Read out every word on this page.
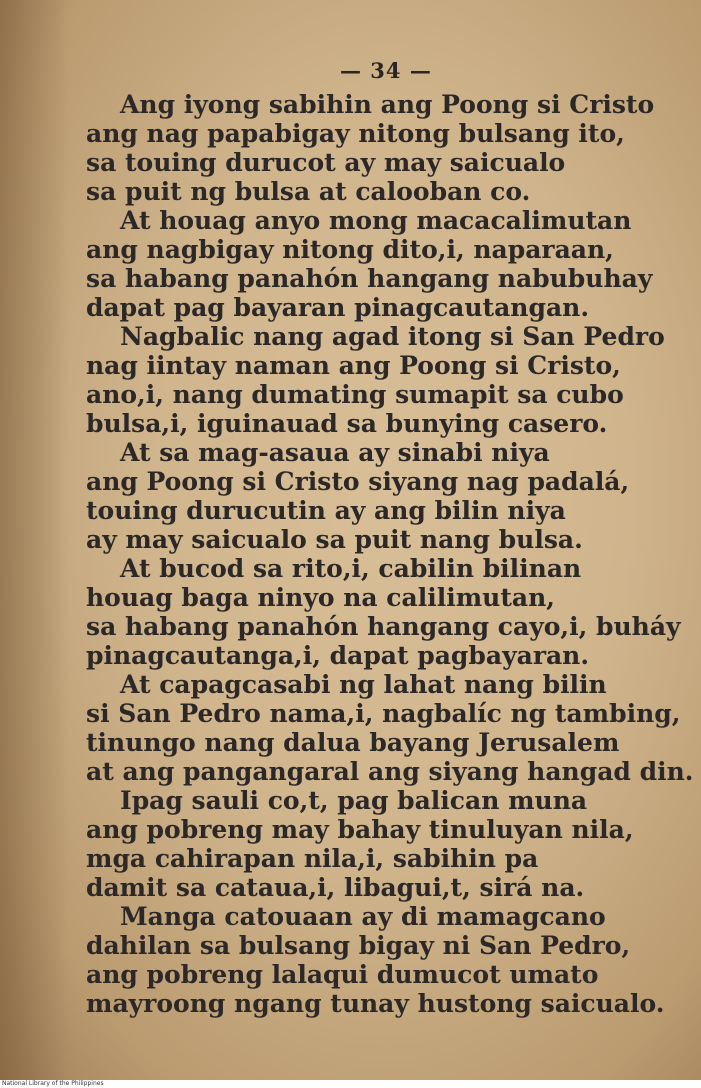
— 34 —
Ang iyong sabihin ang Poong si Cristo
ang nag papabigay nitong bulsang ito,
sa touing durucot ay may saicualo
sa puit ng bulsa at calooban co.
At houag anyo mong macacalimutan
ang nagbigay nitong dito,i, naparaan,
sa habang panahón hangang nabubuhay
dapat pag bayaran pinagcautangan.
Nagbalic nang agad itong si San Pedro
nag iintay naman ang Poong si Cristo,
ano,i, nang dumating sumapit sa cubo
bulsa,i, iguinauad sa bunying casero.
At sa mag-asaua ay sinabi niya
ang Poong si Cristo siyang nag padalá,
touing durucutin ay ang bilin niya
ay may saicualo sa puit nang bulsa.
At bucod sa rito,i, cabilin bilinan
houag baga ninyo na calilimutan,
sa habang panahón hangang cayo,i, buháy
pinagcautanga,i, dapat pagbayaran.
At capagcasabi ng lahat nang bilin
si San Pedro nama,i, nagbalíc ng tambing,
tinungo nang dalua bayang Jerusalem
at ang pangangaral ang siyang hangad din.
Ipag sauli co,t, pag balican muna
ang pobreng may bahay tinuluyan nila,
mga cahirapan nila,i, sabihin pa
damit sa cataua,i, libagui,t, sirá na.
Manga catouaan ay di mamagcano
dahilan sa bulsang bigay ni San Pedro,
ang pobreng lalaqui dumucot umato
mayroong ngang tunay hustong saicualo.
National Library of the Philippines
